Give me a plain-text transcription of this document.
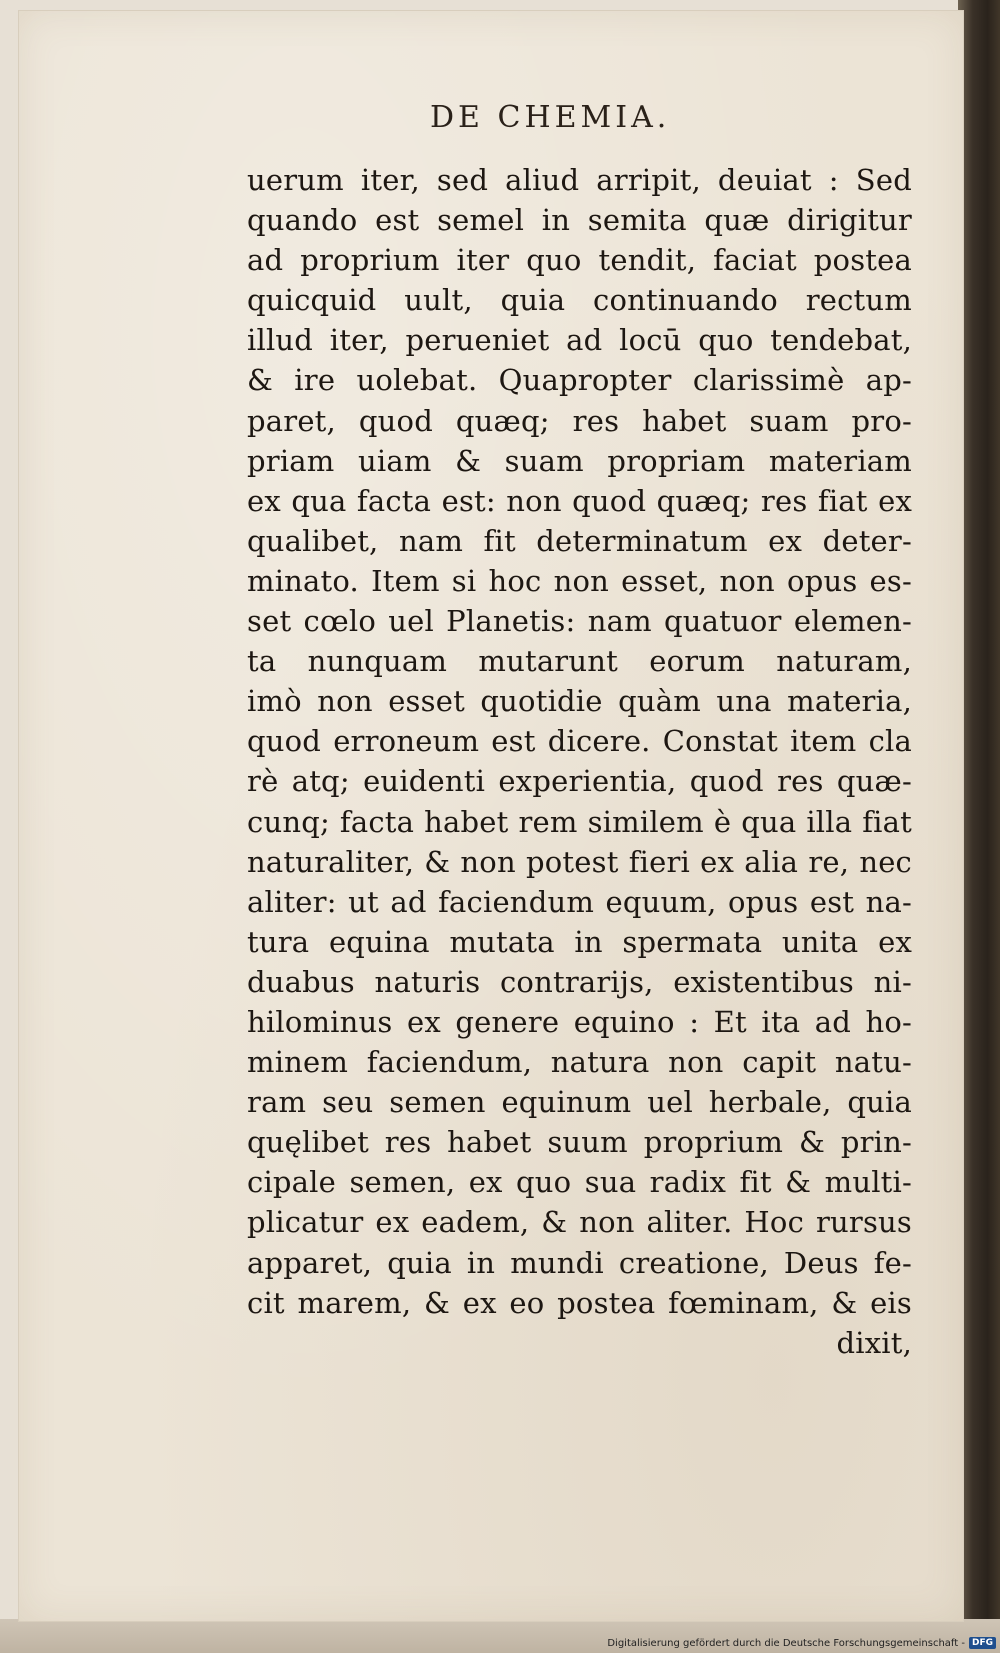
DE CHEMIA.
uerum iter, sed aliud arripit, deuiat : Sed
quando est semel in semita quæ dirigitur
ad proprium iter quo tendit, faciat postea
quicquid uult, quia continuando rectum
illud iter, perueniet ad locū quo tendebat,
& ire uolebat. Quapropter clarissimè ap-
paret, quod quæq; res habet suam pro-
priam uiam & suam propriam materiam
ex qua facta est: non quod quæq; res fiat ex
qualibet, nam fit determinatum ex deter-
minato. Item si hoc non esset, non opus es-
set cœlo uel Planetis: nam quatuor elemen-
ta nunquam mutarunt eorum naturam,
imò non esset quotidie quàm una materia,
quod erroneum est dicere. Constat item cla
rè atq; euidenti experientia, quod res quæ-
cunq; facta habet rem similem è qua illa fiat
naturaliter, & non potest fieri ex alia re, nec
aliter: ut ad faciendum equum, opus est na-
tura equina mutata in spermata unita ex
duabus naturis contrarijs, existentibus ni-
hilominus ex genere equino : Et ita ad ho-
minem faciendum, natura non capit natu-
ram seu semen equinum uel herbale, quia
quęlibet res habet suum proprium & prin-
cipale semen, ex quo sua radix fit & multi-
plicatur ex eadem, & non aliter. Hoc rursus
apparet, quia in mundi creatione, Deus fe-
cit marem, & ex eo postea fœminam, & eis
dixit,
Digitalisierung gefördert durch die Deutsche Forschungsgemeinschaft - DFG
